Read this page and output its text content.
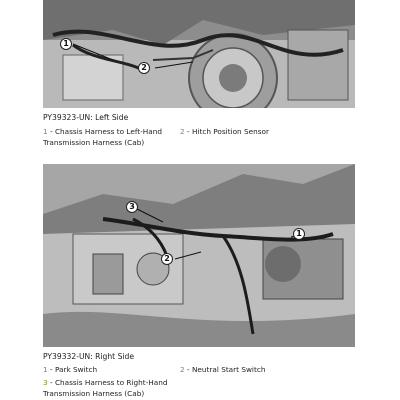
1
2
PY39323-UN: Left Side
1 - Chassis Harness to Left-Hand
Transmission Harness (Cab)
2 - Hitch Position Sensor
3
2
1
PY39332-UN: Right Side
1 - Park Switch	2 - Neutral Start Switch
3 - Chassis Harness to Right-Hand
Transmission Harness (Cab)
